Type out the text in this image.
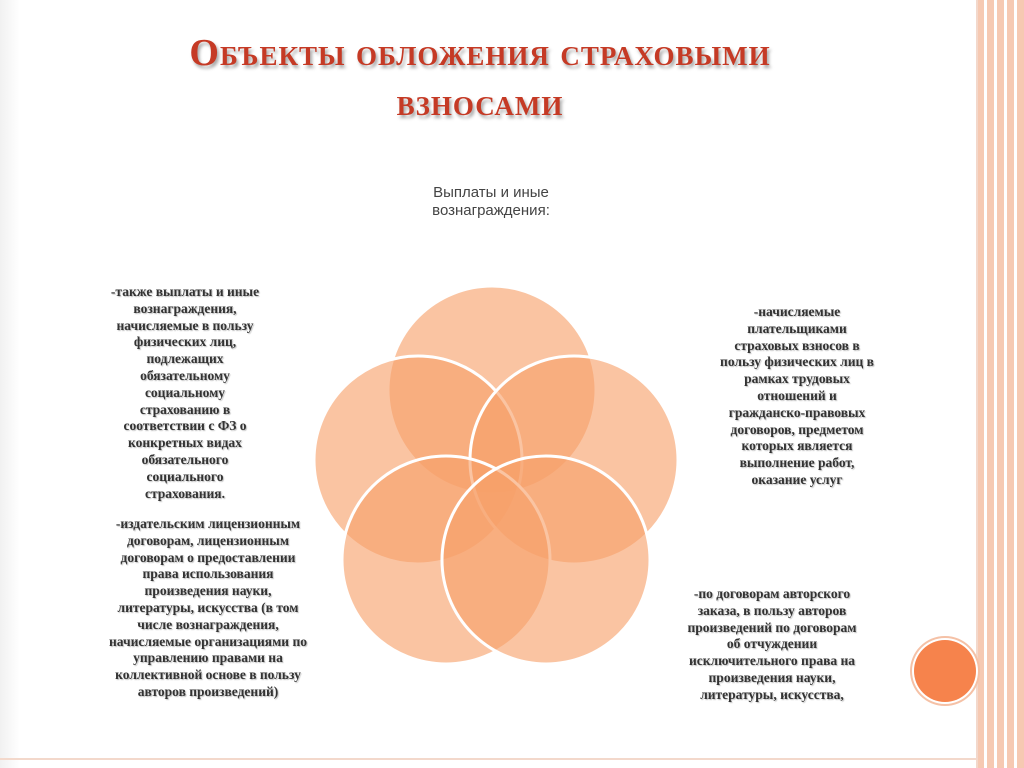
Объекты обложения страховыми
взносами
Выплаты и иные вознаграждения:
-также выплаты и иные
вознаграждения,
начисляемые в пользу
физических лиц,
подлежащих
обязательному
социальному
страхованию в
соответствии с ФЗ о
конкретных видах
обязательного
социального
страхования.
-начисляемые
плательщиками
страховых взносов в
пользу физических лиц в
рамках трудовых
отношений и
гражданско-правовых
договоров, предметом
которых является
выполнение работ,
оказание услуг
-издательским лицензионным
договорам, лицензионным
договорам о предоставлении
права использования
произведения науки,
литературы, искусства (в том
числе вознаграждения,
начисляемые организациями по
управлению правами на
коллективной основе в пользу
авторов произведений)
-по договорам авторского
заказа, в пользу авторов
произведений по договорам
об отчуждении
исключительного права на
произведения науки,
литературы, искусства,
